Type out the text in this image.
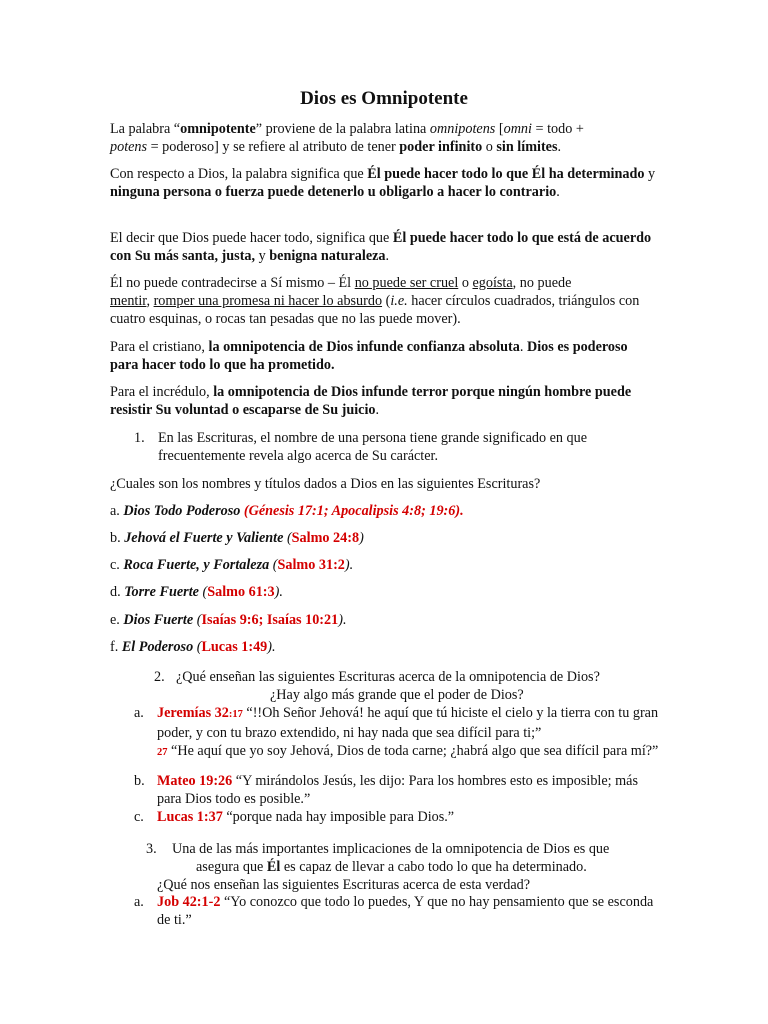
Dios es Omnipotente

La palabra “omnipotente” proviene de la palabra latina omnipotens [omni = todo +
potens = poderoso] y se refiere al atributo de tener poder infinito o sin límites.

Con respecto a Dios, la palabra significa que Él puede hacer todo lo que Él ha determinado y ninguna persona o fuerza puede detenerlo u obligarlo a hacer lo contrario.

El decir que Dios puede hacer todo, significa que Él puede hacer todo lo que está de acuerdo con Su más santa, justa, y benigna naturaleza.

Él no puede contradecirse a Sí mismo – Él no puede ser cruel o egoísta, no puede
mentir, romper una promesa ni hacer lo absurdo (i.e. hacer círculos cuadrados, triángulos con cuatro esquinas, o rocas tan pesadas que no las puede mover).

Para el cristiano, la omnipotencia de Dios infunde confianza absoluta. Dios es poderoso para hacer todo lo que ha prometido.

Para el incrédulo, la omnipotencia de Dios infunde terror porque ningún hombre puede resistir Su voluntad o escaparse de Su juicio.

1. En las Escrituras, el nombre de una persona tiene grande significado en que frecuentemente revela algo acerca de Su carácter.

¿Cuales son los nombres y títulos dados a Dios en las siguientes Escrituras?

a. Dios Todo Poderoso (Génesis 17:1; Apocalipsis 4:8; 19:6).

b. Jehová el Fuerte y Valiente (Salmo 24:8)

c. Roca Fuerte, y Fortaleza (Salmo 31:2).

d. Torre Fuerte (Salmo 61:3).

e. Dios Fuerte (Isaías 9:6; Isaías 10:21).

f. El Poderoso (Lucas 1:49).

2. ¿Qué enseñan las siguientes Escrituras acerca de la omnipotencia de Dios?

¿Hay algo más grande que el poder de Dios?

a. Jeremías 32:17 “!!Oh Señor Jehová! he aquí que tú hiciste el cielo y la tierra con tu gran poder, y con tu brazo extendido, ni hay nada que sea difícil para ti;”
27 “He aquí que yo soy Jehová, Dios de toda carne; ¿habrá algo que sea difícil para mí?”

b. Mateo 19:26 “Y mirándolos Jesús, les dijo: Para los hombres esto es imposible; más para Dios todo es posible.”

c. Lucas 1:37 “porque nada hay imposible para Dios.”

3. Una de las más importantes implicaciones de la omnipotencia de Dios es que

asegura que Él es capaz de llevar a cabo todo lo que ha determinado.

¿Qué nos enseñan las siguientes Escrituras acerca de esta verdad?

a. Job 42:1-2 “Yo conozco que todo lo puedes, Y que no hay pensamiento que se esconda de ti.”
